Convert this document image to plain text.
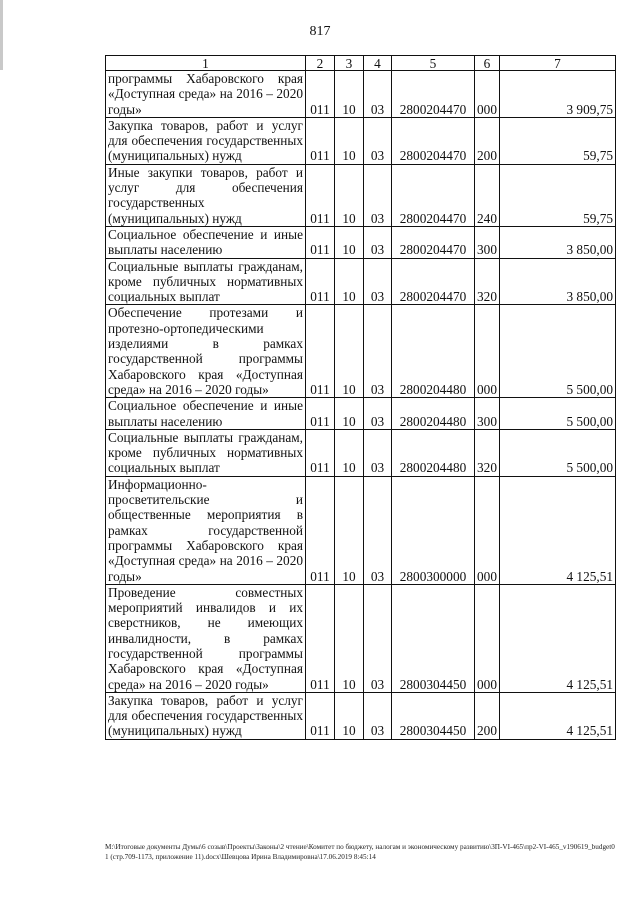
817
1	2	3	4	5	6	7
программы Хабаровского края «Доступная среда» на 2016 – 2020 годы»	011	10	03	2800204470	000	3 909,75
Закупка товаров, работ и услуг для обеспечения государственных (муниципальных) нужд	011	10	03	2800204470	200	59,75
Иные закупки товаров, работ и услуг для обеспечения государственных (муниципальных) нужд	011	10	03	2800204470	240	59,75
Социальное обеспечение и иные выплаты населению	011	10	03	2800204470	300	3 850,00
Социальные выплаты гражданам, кроме публичных нормативных социальных выплат	011	10	03	2800204470	320	3 850,00
Обеспечение протезами и протезно-ортопедическими изделиями в рамках государственной программы Хабаровского края «Доступная среда» на 2016 – 2020 годы»	011	10	03	2800204480	000	5 500,00
Социальное обеспечение и иные выплаты населению	011	10	03	2800204480	300	5 500,00
Социальные выплаты гражданам, кроме публичных нормативных социальных выплат	011	10	03	2800204480	320	5 500,00
Информационно-просветительские и общественные мероприятия в рамках государственной программы Хабаровского края «Доступная среда» на 2016 – 2020 годы»	011	10	03	2800300000	000	4 125,51
Проведение совместных мероприятий инвалидов и их сверстников, не имеющих инвалидности, в рамках государственной программы Хабаровского края «Доступная среда» на 2016 – 2020 годы»	011	10	03	2800304450	000	4 125,51
Закупка товаров, работ и услуг для обеспечения государственных (муниципальных) нужд	011	10	03	2800304450	200	4 125,51
M:\Итоговые документы Думы\6 созыв\Проекты\Законы\2 чтение\Комитет по бюджету, налогам и экономическому развитию\3П-VI-465\пр2-VI-465_v190619_budget01 (стр.709-1173, приложение 11).docx\Шевцова Ирина Владимировна\17.06.2019 8:45:14
